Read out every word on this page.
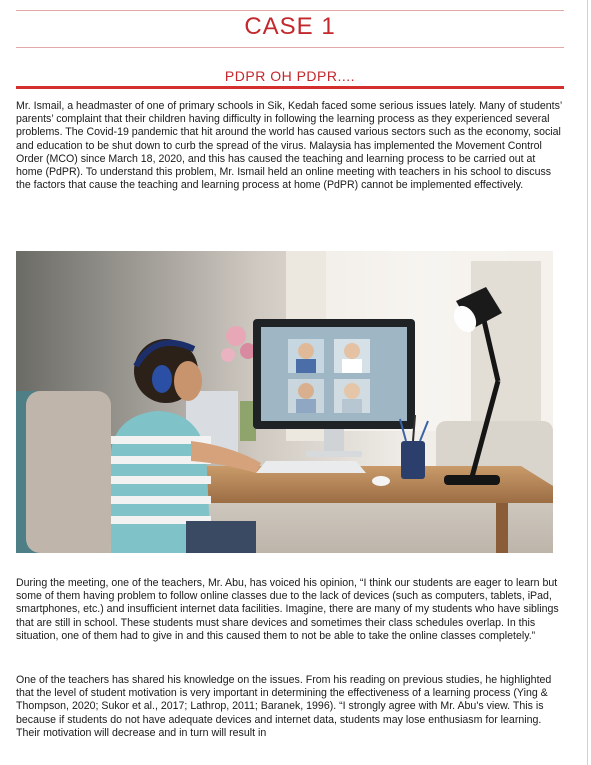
CASE 1
PDPR OH PDPR....

Mr. Ismail, a headmaster of one of primary schools in Sik, Kedah faced some serious issues lately. Many of students’ parents’ complaint that their children having difficulty in following the learning process as they experienced several problems. The Covid-19 pandemic that hit around the world has caused various sectors such as the economy, social and education to be shut down to curb the spread of the virus. Malaysia has implemented the Movement Control Order (MCO) since March 18, 2020, and this has caused the teaching and learning process to be carried out at home (PdPR). To understand this problem, Mr. Ismail held an online meeting with teachers in his school to discuss the factors that cause the teaching and learning process at home (PdPR) cannot be implemented effectively.

During the meeting, one of the teachers, Mr. Abu, has voiced his opinion, “I think our students are eager to learn but some of them having problem to follow online classes due to the lack of devices (such as computers, tablets, iPad, smartphones, etc.) and insufficient internet data facilities. Imagine, there are many of my students who have siblings that are still in school. These students must share devices and sometimes their class schedules overlap. In this situation, one of them had to give in and this caused them to not be able to take the online classes completely.”

One of the teachers has shared his knowledge on the issues. From his reading on previous studies, he highlighted that the level of student motivation is very important in determining the effectiveness of a learning process (Ying & Thompson, 2020; Sukor et al., 2017; Lathrop, 2011; Baranek, 1996). “I strongly agree with Mr. Abu's view. This is because if students do not have adequate devices and internet data, students may lose enthusiasm for learning. Their motivation will decrease and in turn will result in
